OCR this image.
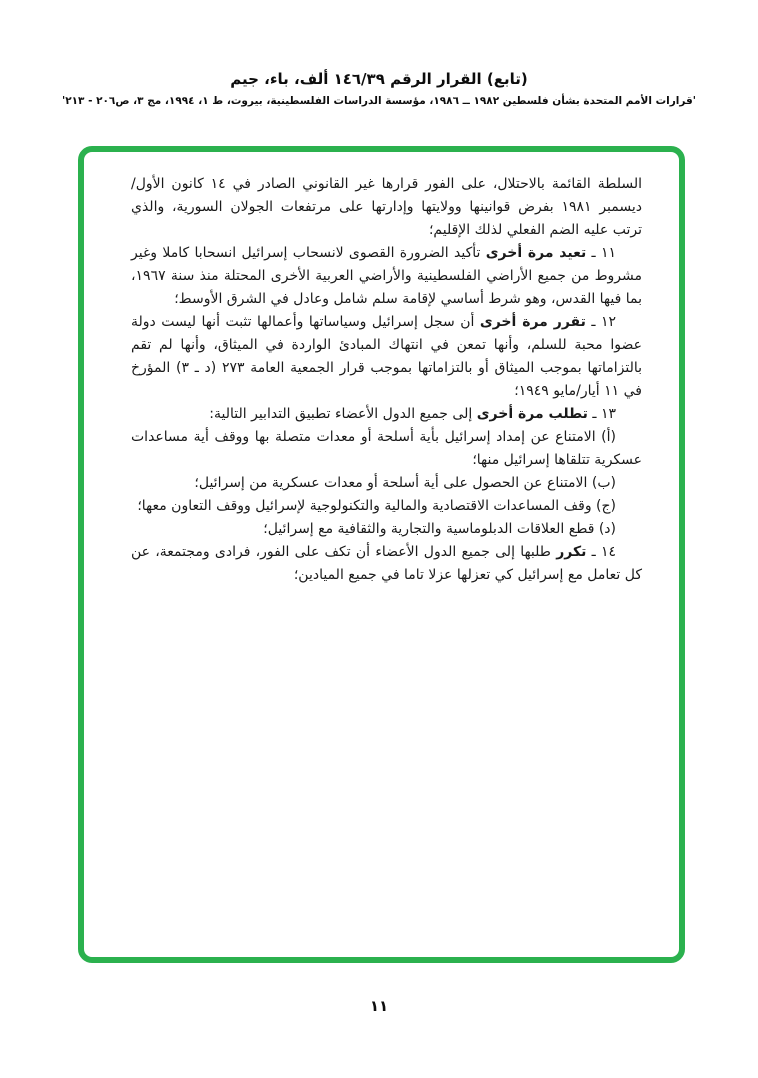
(تابع) القرار الرقم ١٤٦/٣٩ ألف، باء، جيم
'قرارات الأمم المتحدة بشأن فلسطين ١٩٨٢ ــ ١٩٨٦، مؤسسة الدراسات الفلسطينية، بيروت، ط ١، ١٩٩٤، مج ٣، ص٢٠٦ - ٢١٣'

السلطة القائمة بالاحتلال، على الفور قرارها غير القانوني الصادر في ١٤ كانون الأول/ديسمبر ١٩٨١ بفرض قوانينها وولايتها وإدارتها على مرتفعات الجولان السورية، والذي ترتب عليه الضم الفعلي لذلك الإقليم؛

١١ ـ تعيد مرة أخرى تأكيد الضرورة القصوى لانسحاب إسرائيل انسحابا كاملا وغير مشروط من جميع الأراضي الفلسطينية والأراضي العربية الأخرى المحتلة منذ سنة ١٩٦٧، بما فيها القدس، وهو شرط أساسي لإقامة سلم شامل وعادل في الشرق الأوسط؛

١٢ ـ تقرر مرة أخرى أن سجل إسرائيل وسياساتها وأعمالها تثبت أنها ليست دولة عضوا محبة للسلم، وأنها تمعن في انتهاك المبادئ الواردة في الميثاق، وأنها لم تقم بالتزاماتها بموجب الميثاق أو بالتزاماتها بموجب قرار الجمعية العامة ٢٧٣ (د ـ ٣) المؤرخ في ١١ أيار/مايو ١٩٤٩؛

١٣ ـ تطلب مرة أخرى إلى جميع الدول الأعضاء تطبيق التدابير التالية:

(أ) الامتناع عن إمداد إسرائيل بأية أسلحة أو معدات متصلة بها ووقف أية مساعدات عسكرية تتلقاها إسرائيل منها؛

(ب) الامتناع عن الحصول على أية أسلحة أو معدات عسكرية من إسرائيل؛

(ج) وقف المساعدات الاقتصادية والمالية والتكنولوجية لإسرائيل ووقف التعاون معها؛

(د) قطع العلاقات الدبلوماسية والتجارية والثقافية مع إسرائيل؛

١٤ ـ تكرر طلبها إلى جميع الدول الأعضاء أن تكف على الفور، فرادى ومجتمعة، عن كل تعامل مع إسرائيل كي تعزلها عزلا تاما في جميع الميادين؛

١١
